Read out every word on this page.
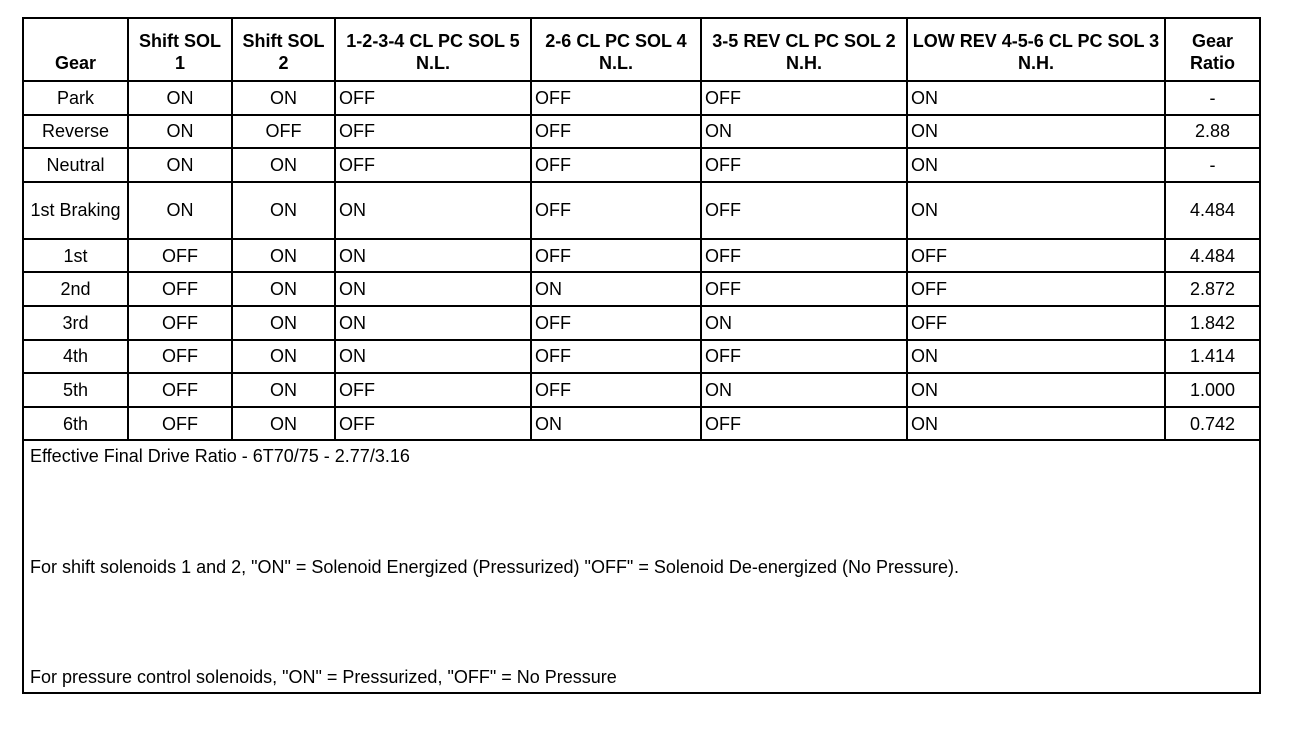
Gear	Shift SOL 1	Shift SOL 2	1-2-3-4 CL PC SOL 5 N.L.	2-6 CL PC SOL 4 N.L.	3-5 REV CL PC SOL 2 N.H.	LOW REV 4-5-6 CL PC SOL 3 N.H.	Gear Ratio
Park	ON	ON	OFF	OFF	OFF	ON	-
Reverse	ON	OFF	OFF	OFF	ON	ON	2.88
Neutral	ON	ON	OFF	OFF	OFF	ON	-
1st Braking	ON	ON	ON	OFF	OFF	ON	4.484
1st	OFF	ON	ON	OFF	OFF	OFF	4.484
2nd	OFF	ON	ON	ON	OFF	OFF	2.872
3rd	OFF	ON	ON	OFF	ON	OFF	1.842
4th	OFF	ON	ON	OFF	OFF	ON	1.414
5th	OFF	ON	OFF	OFF	ON	ON	1.000
6th	OFF	ON	OFF	ON	OFF	ON	0.742
Effective Final Drive Ratio - 6T70/75 - 2.77/3.16
For shift solenoids 1 and 2, "ON" = Solenoid Energized (Pressurized) "OFF" = Solenoid De-energized (No Pressure).
For pressure control solenoids, "ON" = Pressurized, "OFF" = No Pressure
